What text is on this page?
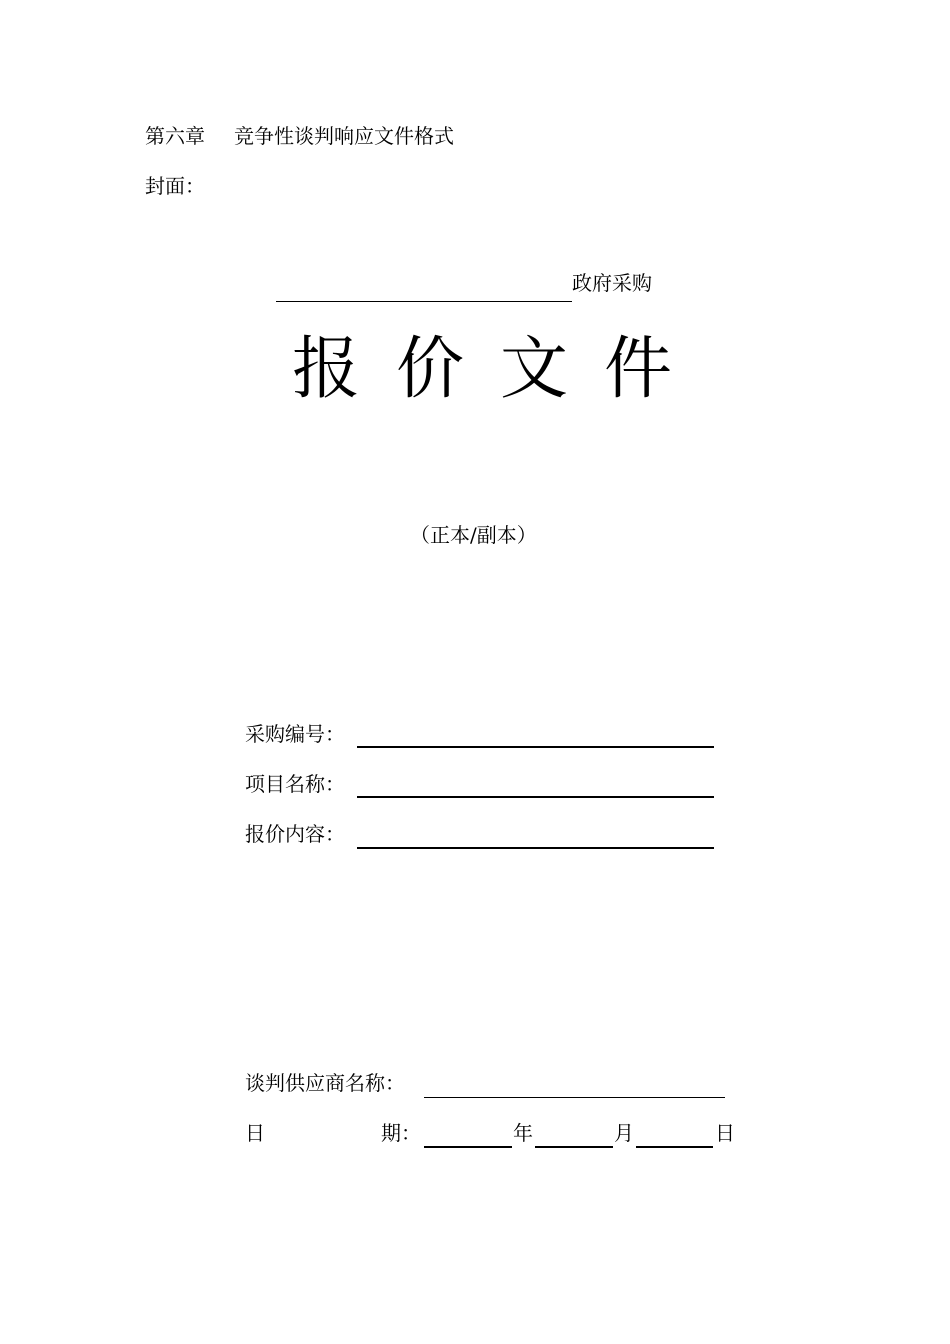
第六章 竞争性谈判响应文件格式
封面：
政府采购
报 价 文 件
（正本/副本）
采购编号：
项目名称：
报价内容：
谈判供应商名称：
日	期：	年	月	日
